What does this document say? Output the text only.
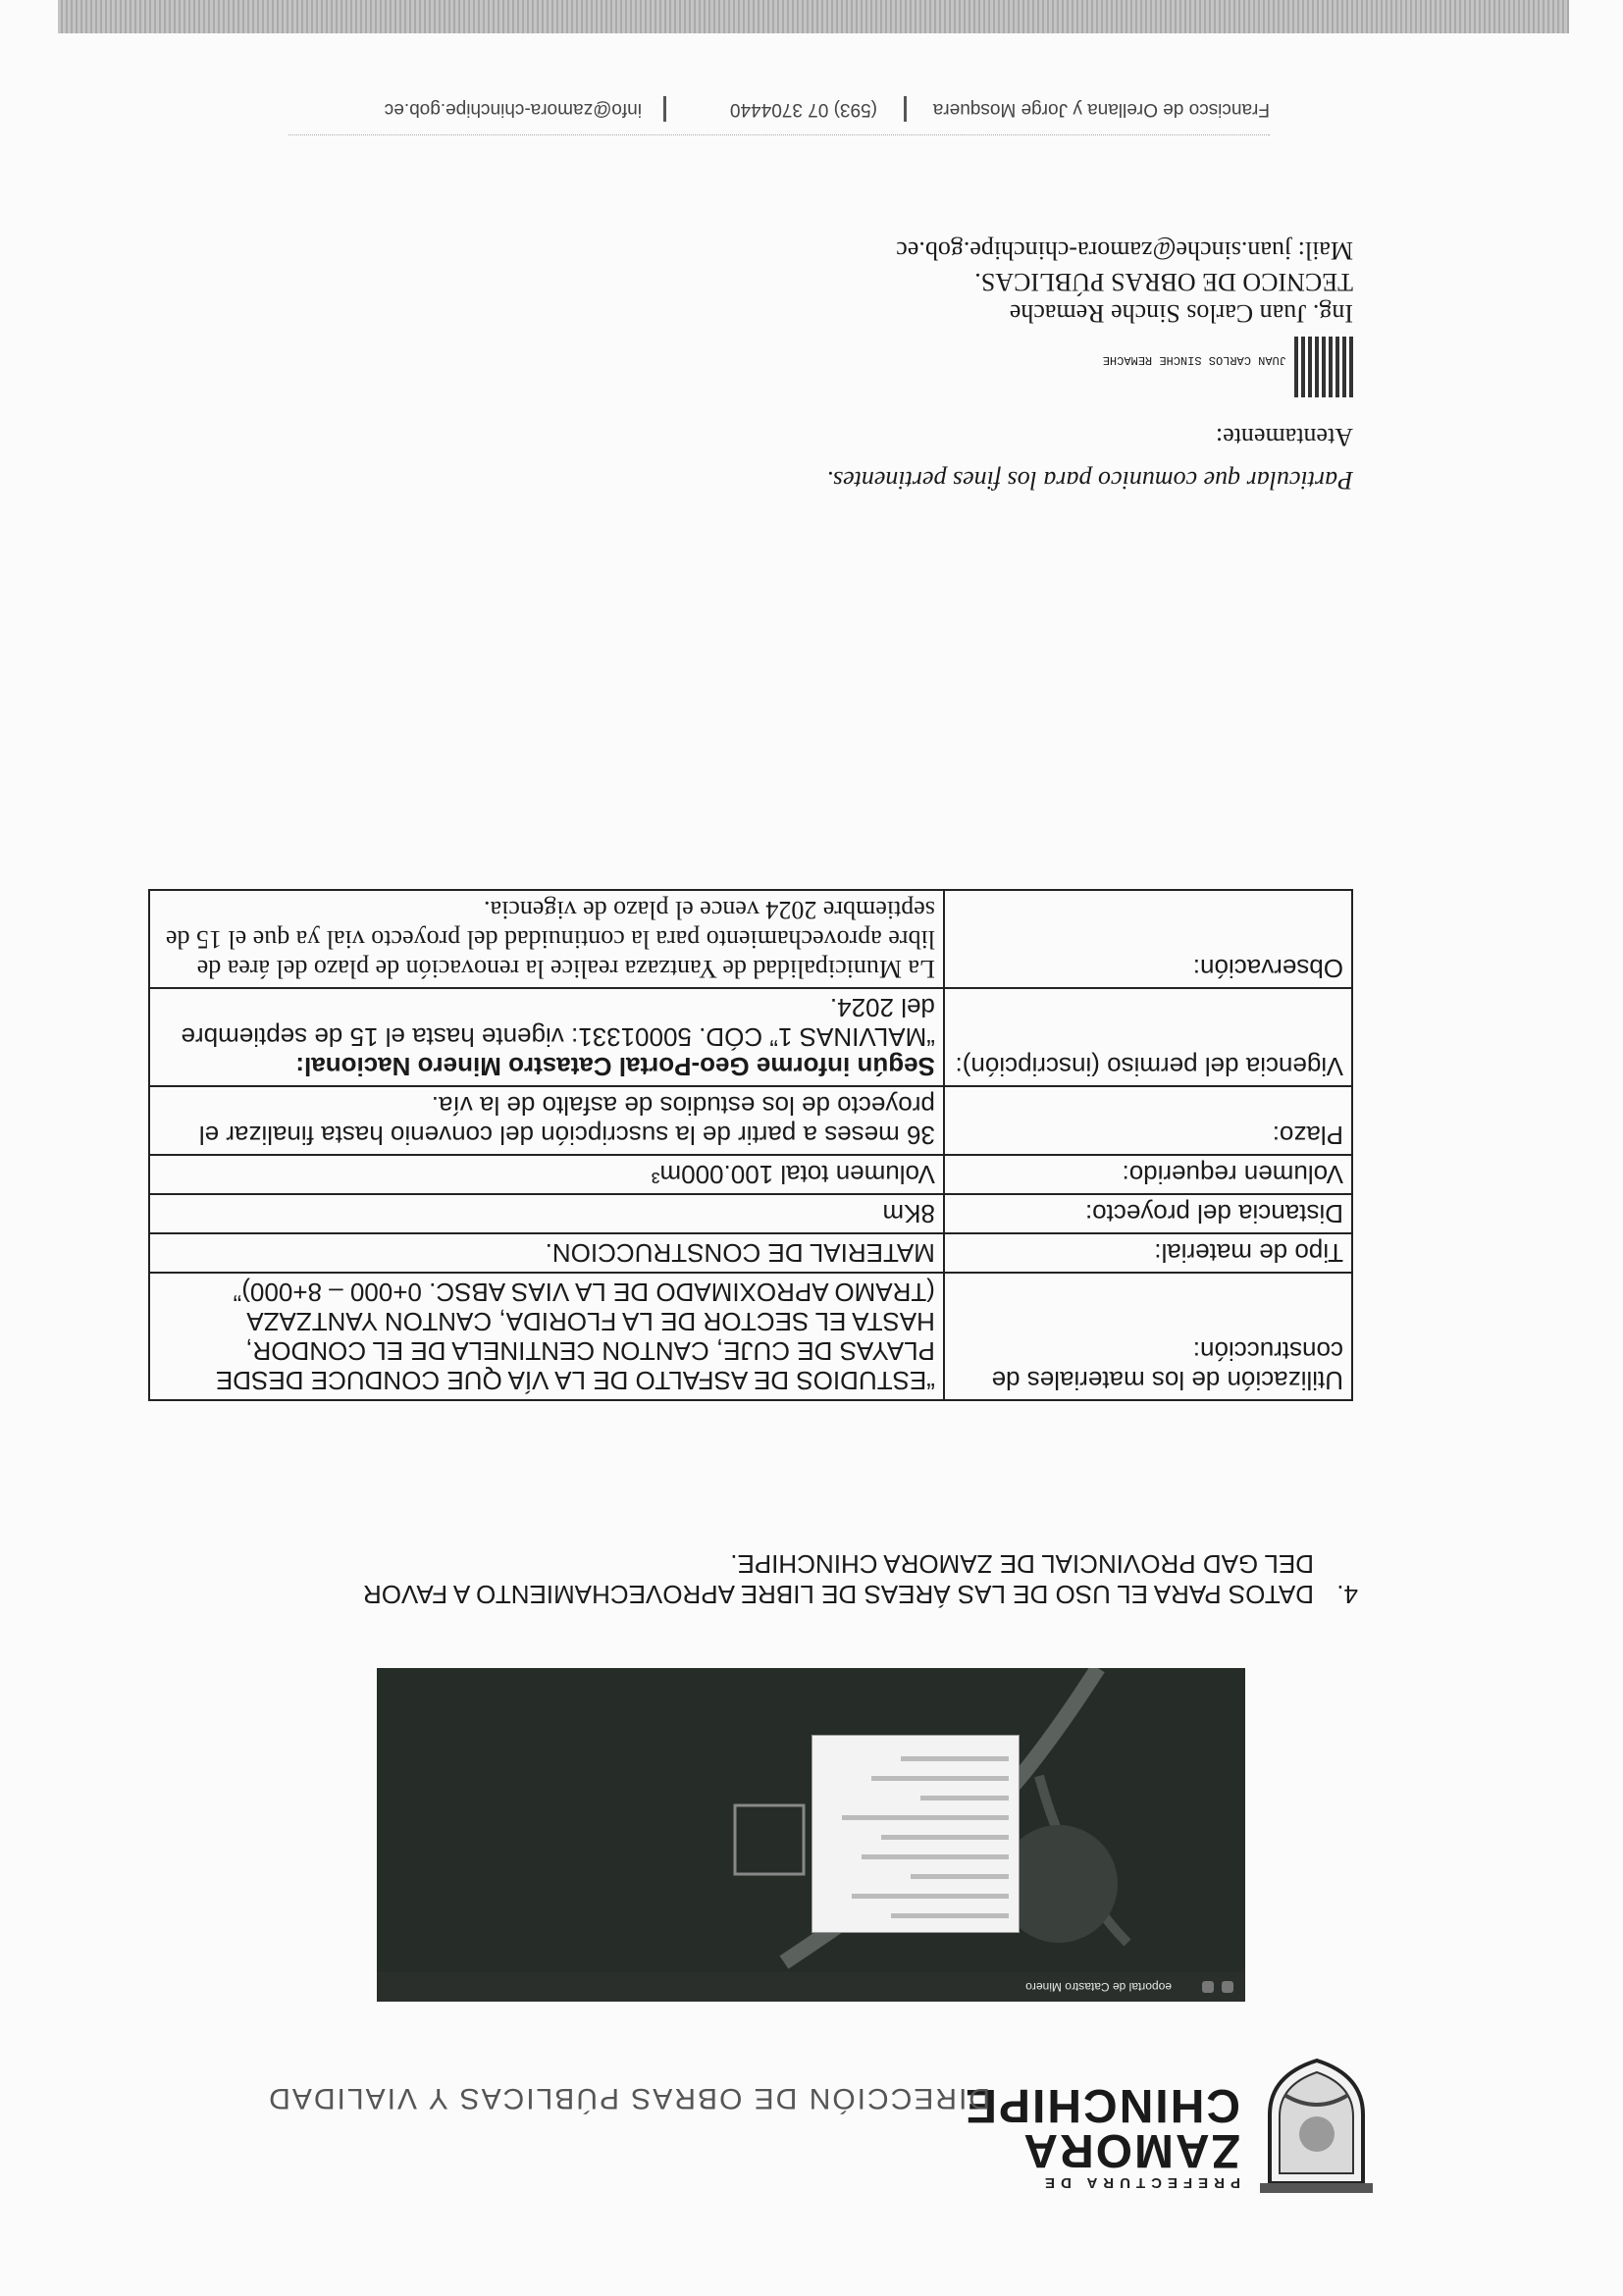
PREFECTURA DE
ZAMORA
CHINCHIPE
DIRECCIÓN DE OBRAS PÚBLICAS Y VIALIDAD
eoportal de Catastro Minero
4.
DATOS PARA EL USO DE LAS ÁREAS DE LIBRE APROVECHAMIENTO A FAVOR DEL GAD PROVINCIAL DE ZAMORA CHINCHIPE.
Utilización de los materiales de construcción:	“ESTUDIOS DE ASFALTO DE LA VÍA QUE CONDUCE DESDE PLAYAS DE CUJE, CANTON CENTINELA DE EL CONDOR, HASTA EL SECTOR DE LA FLORIDA, CANTON YANTZAZA (TRAMO APROXIMADO DE LA VIAS ABSC. 0+000 – 8+000)”
Tipo de material:	MATERIAL DE CONSTRUCCION.
Distancia del proyecto:	8Km
Volumen requerido:	Volumen total 100.000m³
Plazo:	36 meses a partir de la suscripción del convenio hasta finalizar el proyecto de los estudios de asfalto de la vía.
Vigencia del permiso (inscripción):	Según informe Geo-Portal Catastro Minero Nacional:
“MALVINAS 1” CÓD. 50001331: vigente hasta el 15 de septiembre del 2024.

Observación:	La Municipalidad de Yantzaza realice la renovación de plazo del área de libre aprovechamiento para la continuidad del proyecto vial ya que el 15 de septiembre 2024 vence el plazo de vigencia.
Particular que comunico para los fines pertinentes.
Atentamente:
JUAN CARLOS SINCHE REMACHE
Ing. Juan Carlos Sinche Remache
TECNICO DE OBRAS PÚBLICAS.
Mail: juan.sinche@zamora-chinchipe.gob.ec
Francisco de Orellana y Jorge Mosquera
(593) 07 3704440
info@zamora-chinchipe.gob.ec
